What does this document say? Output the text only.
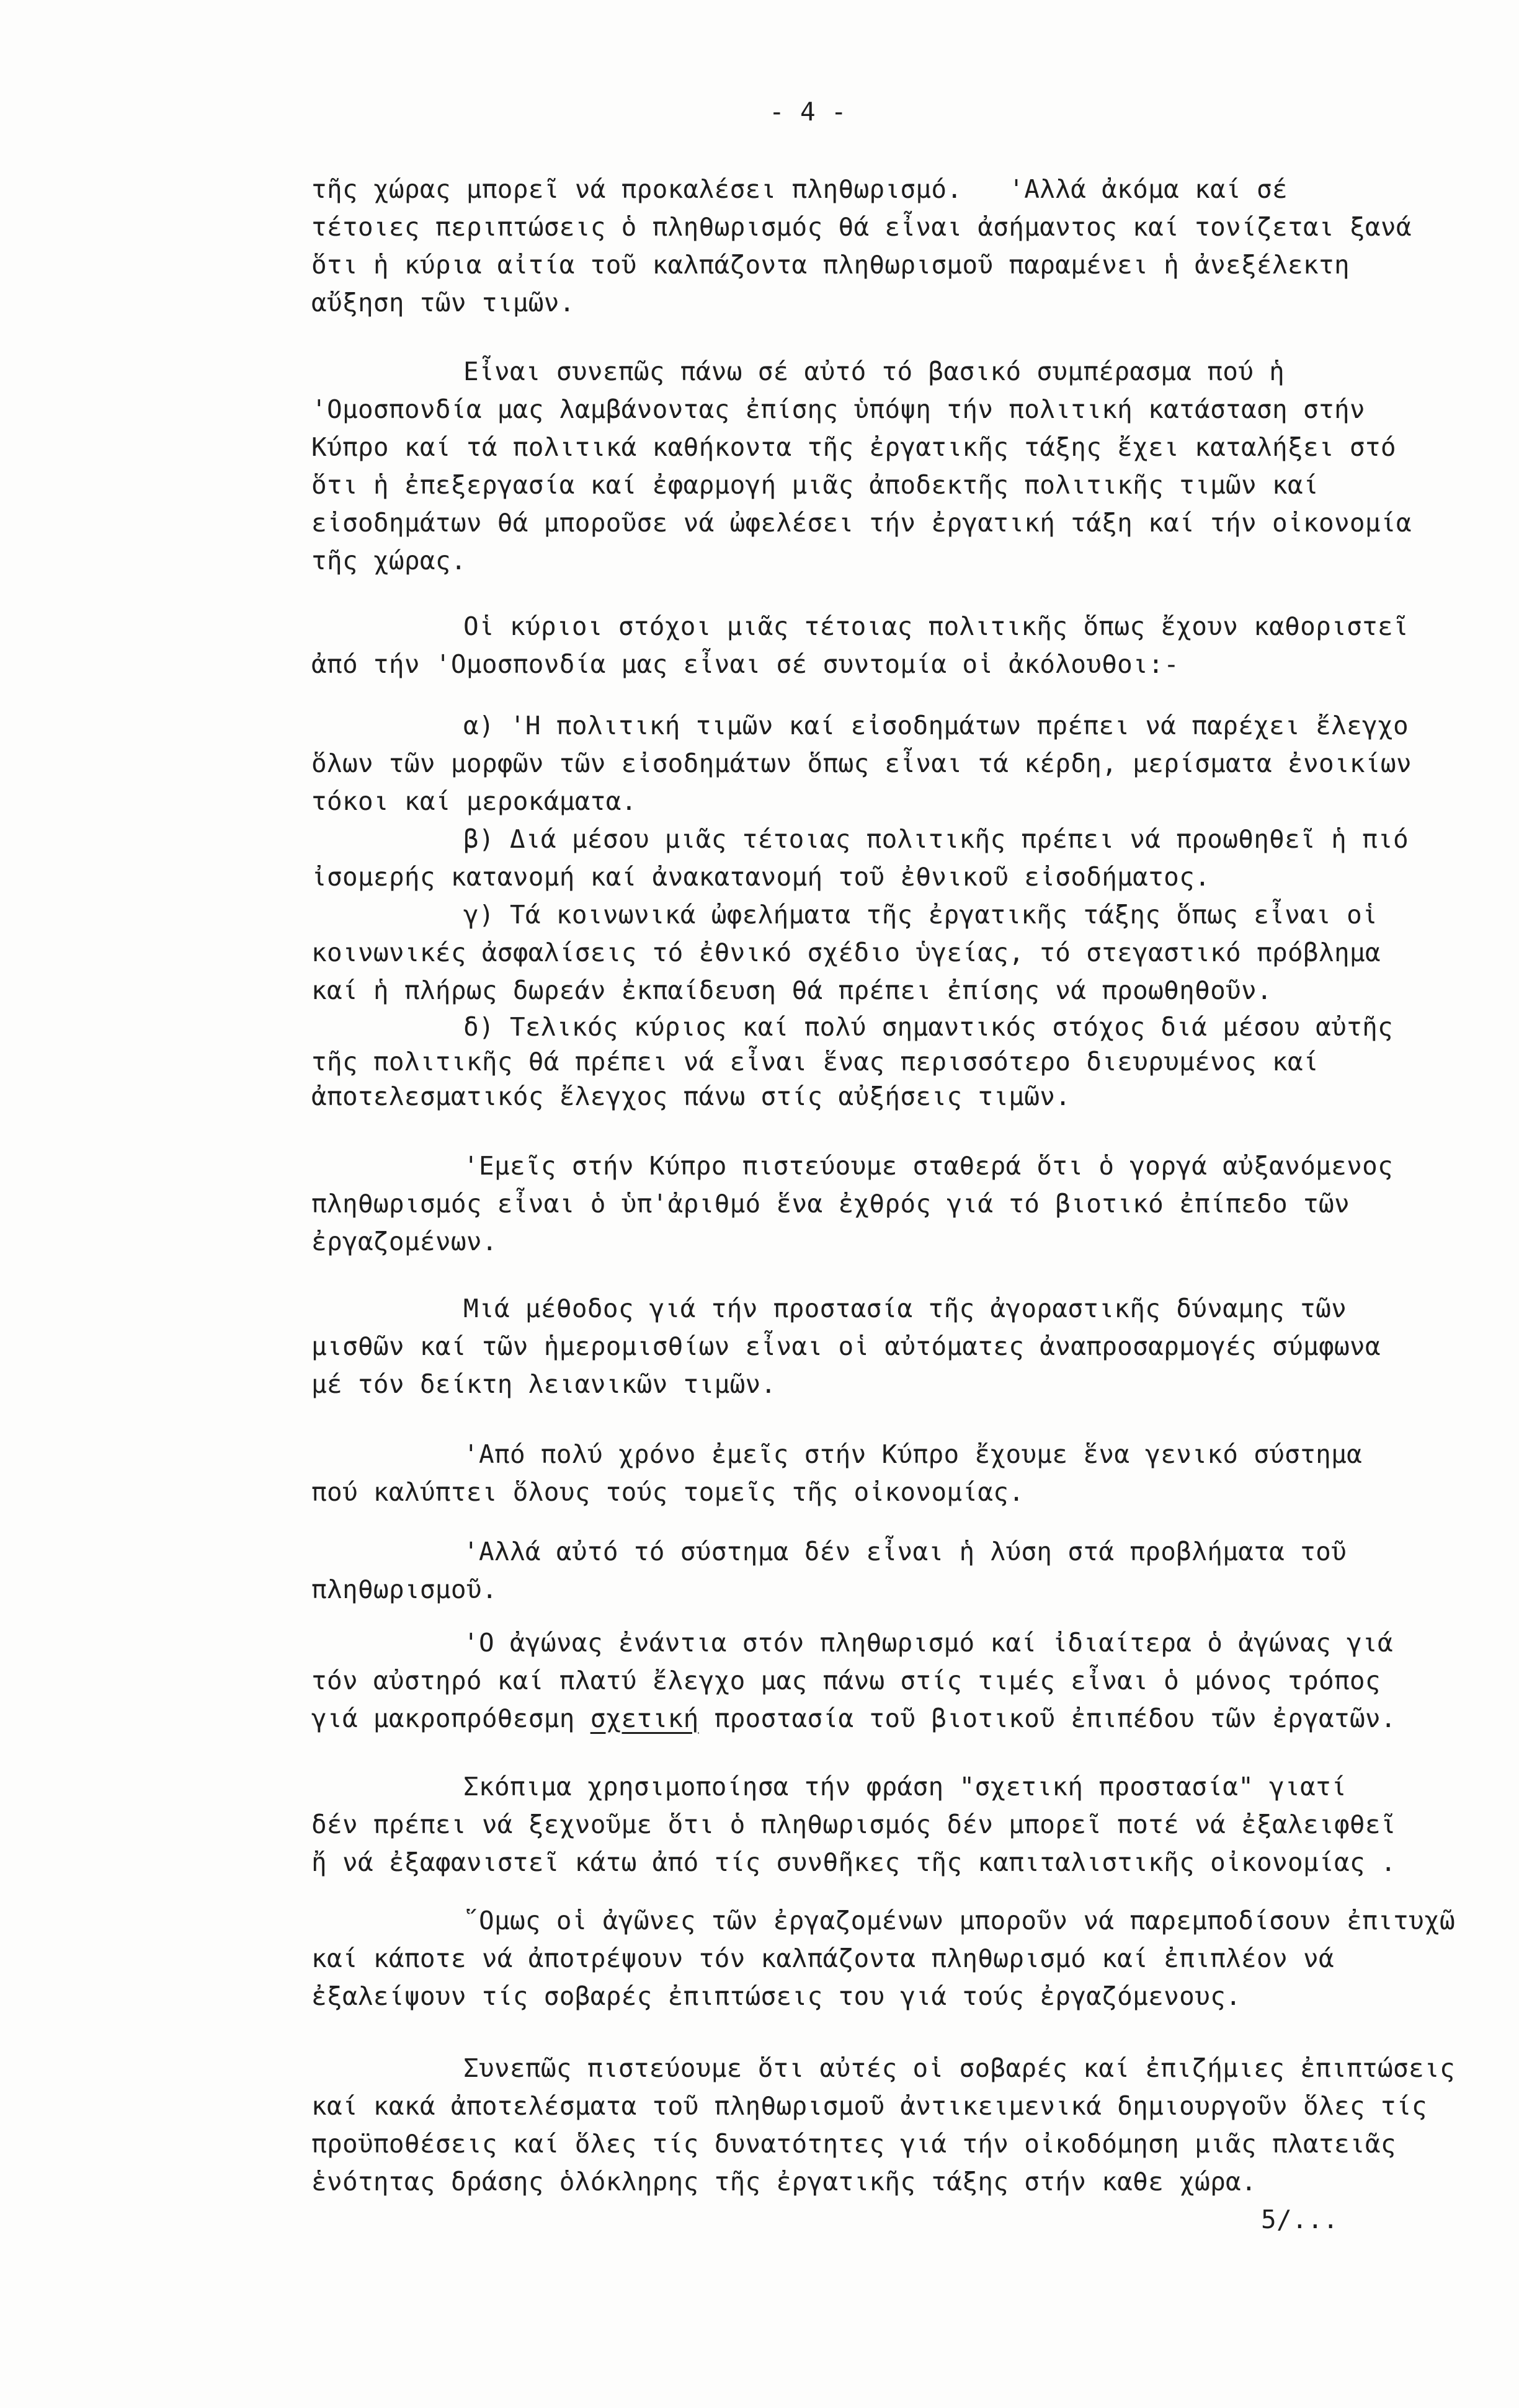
- 4 -
τῆς χώρας μπορεῖ νά προκαλέσει πληθωρισμό.   'Αλλά ἀκόμα καί σέ
τέτοιες περιπτώσεις ὁ πληθωρισμός θά εἶναι ἀσήμαντος καί τονίζεται ξανά
ὅτι ἡ κύρια αἰτία τοῦ καλπάζοντα πληθωρισμοῦ παραμένει ἡ ἀνεξέλεκτη
αὔξηση τῶν τιμῶν.
Εἶναι συνεπῶς πάνω σέ αὐτό τό βασικό συμπέρασμα πού ἡ
'Ομοσπονδία μας λαμβάνοντας ἐπίσης ὑπόψη τήν πολιτική κατάσταση στήν
Κύπρο καί τά πολιτικά καθήκοντα τῆς ἐργατικῆς τάξης ἔχει καταλήξει στό
ὅτι ἡ ἐπεξεργασία καί ἐφαρμογή μιᾶς ἀποδεκτῆς πολιτικῆς τιμῶν καί
εἰσοδημάτων θά μποροῦσε νά ὠφελέσει τήν ἐργατική τάξη καί τήν οἰκονομία
τῆς χώρας.
Οἱ κύριοι στόχοι μιᾶς τέτοιας πολιτικῆς ὅπως ἔχουν καθοριστεῖ
ἀπό τήν 'Ομοσπονδία μας εἶναι σέ συντομία οἱ ἀκόλουθοι:-
α) 'Η πολιτική τιμῶν καί εἰσοδημάτων πρέπει νά παρέχει ἔλεγχο
ὅλων τῶν μορφῶν τῶν εἰσοδημάτων ὅπως εἶναι τά κέρδη, μερίσματα ἐνοικίων
τόκοι καί μεροκάματα.
β) Διά μέσου μιᾶς τέτοιας πολιτικῆς πρέπει νά προωθηθεῖ ἡ πιό
ἰσομερής κατανομή καί ἀνακατανομή τοῦ ἐθνικοῦ εἰσοδήματος.
γ) Τά κοινωνικά ὠφελήματα τῆς ἐργατικῆς τάξης ὅπως εἶναι οἱ
κοινωνικές ἀσφαλίσεις τό ἐθνικό σχέδιο ὑγείας, τό στεγαστικό πρόβλημα
καί ἡ πλήρως δωρεάν ἐκπαίδευση θά πρέπει ἐπίσης νά προωθηθοῦν.
δ) Τελικός κύριος καί πολύ σημαντικός στόχος διά μέσου αὐτῆς
τῆς πολιτικῆς θά πρέπει νά εἶναι ἕνας περισσότερο διευρυμένος καί
ἀποτελεσματικός ἔλεγχος πάνω στίς αὐξήσεις τιμῶν.
'Εμεῖς στήν Κύπρο πιστεύουμε σταθερά ὅτι ὁ γοργά αὐξανόμενος
πληθωρισμός εἶναι ὁ ὑπ'ἀριθμό ἕνα ἐχθρός γιά τό βιοτικό ἐπίπεδο τῶν
ἐργαζομένων.
Μιά μέθοδος γιά τήν προστασία τῆς ἀγοραστικῆς δύναμης τῶν
μισθῶν καί τῶν ἡμερομισθίων εἶναι οἱ αὐτόματες ἀναπροσαρμογές σύμφωνα
μέ τόν δείκτη λειανικῶν τιμῶν.
'Από πολύ χρόνο ἐμεῖς στήν Κύπρο ἔχουμε ἕνα γενικό σύστημα
πού καλύπτει ὅλους τούς τομεῖς τῆς οἰκονομίας.
'Αλλά αὐτό τό σύστημα δέν εἶναι ἡ λύση στά προβλήματα τοῦ
πληθωρισμοῦ.
'Ο ἀγώνας ἐνάντια στόν πληθωρισμό καί ἰδιαίτερα ὁ ἀγώνας γιά
τόν αὐστηρό καί πλατύ ἔλεγχο μας πάνω στίς τιμές εἶναι ὁ μόνος τρόπος
γιά μακροπρόθεσμη σχετική προστασία τοῦ βιοτικοῦ ἐπιπέδου τῶν ἐργατῶν.
Σκόπιμα χρησιμοποίησα τήν φράση "σχετική προστασία" γιατί
δέν πρέπει νά ξεχνοῦμε ὅτι ὁ πληθωρισμός δέν μπορεῖ ποτέ νά ἐξαλειφθεῖ
ἤ νά ἐξαφανιστεῖ κάτω ἀπό τίς συνθῆκες τῆς καπιταλιστικῆς οἰκονομίας .
῞Ομως οἱ ἀγῶνες τῶν ἐργαζομένων μποροῦν νά παρεμποδίσουν ἐπιτυχῶ
καί κάποτε νά ἀποτρέψουν τόν καλπάζοντα πληθωρισμό καί ἐπιπλέον νά
ἐξαλείψουν τίς σοβαρές ἐπιπτώσεις του γιά τούς ἐργαζόμενους.
Συνεπῶς πιστεύουμε ὅτι αὐτές οἱ σοβαρές καί ἐπιζήμιες ἐπιπτώσεις
καί κακά ἀποτελέσματα τοῦ πληθωρισμοῦ ἀντικειμενικά δημιουργοῦν ὅλες τίς
προϋποθέσεις καί ὅλες τίς δυνατότητες γιά τήν οἰκοδόμηση μιᾶς πλατειᾶς
ἑνότητας δράσης ὁλόκληρης τῆς ἐργατικῆς τάξης στήν καθε χώρα.
5/...
